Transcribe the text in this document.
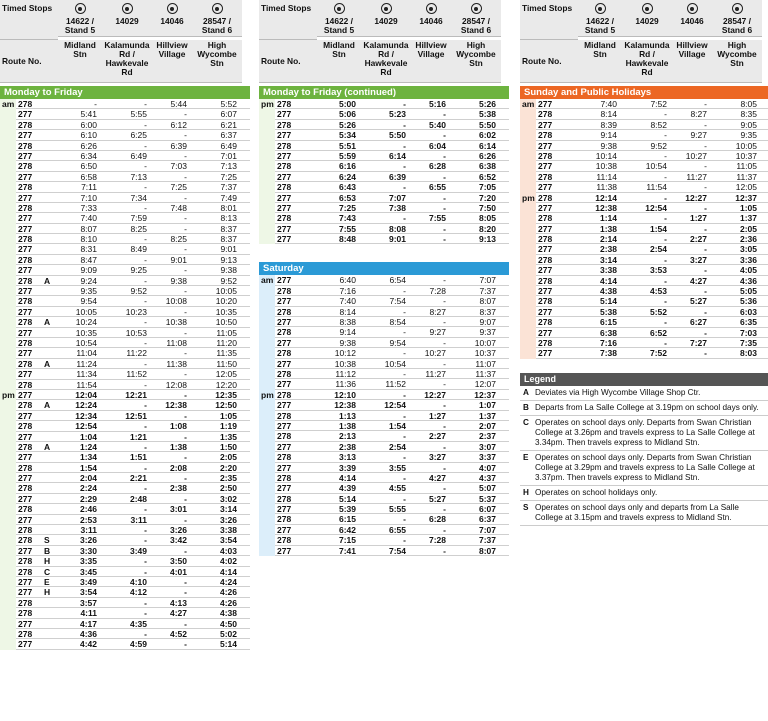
Timed Stops
14622 / Stand 5
14029	14046	28547 / Stand 6
Route No.
Midland Stn
Kalamunda Rd / Hawkevale Rd
Hillview Village
High Wycombe Stn
Monday to Friday
am 278	-	-	5:44	5:52
277	5:41	5:55	-	6:07
278	6:00	-	6:12	6:21
277	6:10	6:25	-	6:37
278	6:26	-	6:39	6:49
277	6:34	6:49	-	7:01
278	6:50	-	7:03	7:13
277	6:58	7:13	-	7:25
278	7:11	-	7:25	7:37
277	7:10	7:34	-	7:49
278	7:33	-	7:48	8:01
277	7:40	7:59	-	8:13
277	8:07	8:25	-	8:37
278	8:10	-	8:25	8:37
277	8:31	8:49	-	9:01
278	8:47	-	9:01	9:13
277	9:09	9:25	-	9:38
278	A	9:24	-	9:38	9:52
277	9:35	9:52	-	10:05
278	9:54	-	10:08	10:20
277	10:05	10:23	-	10:35
278	A	10:24	-	10:38	10:50
277	10:35	10:53	-	11:05
278	10:54	-	11:08	11:20
277	11:04	11:22	-	11:35
278	A	11:24	-	11:38	11:50
277	11:34	11:52	-	12:05
278	11:54	-	12:08	12:20
pm 277	12:04	12:21	-	12:35
278	A	12:24	-	12:38	12:50
277	12:34	12:51	-	1:05
278	12:54	-	1:08	1:19
277	1:04	1:21	-	1:35
278	A	1:24	-	1:38	1:50
277	1:34	1:51	-	2:05
278	1:54	-	2:08	2:20
277	2:04	2:21	-	2:35
278	2:24	-	2:38	2:50
277	2:29	2:48	-	3:02
278	2:46	-	3:01	3:14
277	2:53	3:11	-	3:26
278	3:11	-	3:26	3:38
278	S	3:26	-	3:42	3:54
277	B	3:30	3:49	-	4:03
278	H	3:35	-	3:50	4:02
278	C	3:45	-	4:01	4:14
277	E	3:49	4:10	-	4:24
277	H	3:54	4:12	-	4:26
278	3:57	-	4:13	4:26
278	4:11	-	4:27	4:38
277	4:17	4:35	-	4:50
278	4:36	-	4:52	5:02
277	4:42	4:59	-	5:14
Timed Stops
14622 / Stand 5
14029	14046	28547 / Stand 6
Route No.
Midland Stn
Kalamunda Rd / Hawkevale Rd
Hillview Village
High Wycombe Stn
Monday to Friday (continued)
pm 278	5:00	-	5:16	5:26
277	5:06	5:23	-	5:38
278	5:26	-	5:40	5:50
277	5:34	5:50	-	6:02
278	5:51	-	6:04	6:14
277	5:59	6:14	-	6:26
278	6:16	-	6:28	6:38
277	6:24	6:39	-	6:52
278	6:43	-	6:55	7:05
277	6:53	7:07	-	7:20
277	7:25	7:38	-	7:50
278	7:43	-	7:55	8:05
277	7:55	8:08	-	8:20
277	8:48	9:01	-	9:13
Saturday
am 277	6:40	6:54	-	7:07
278	7:16	-	7:28	7:37
277	7:40	7:54	-	8:07
278	8:14	-	8:27	8:37
277	8:38	8:54	-	9:07
278	9:14	-	9:27	9:37
277	9:38	9:54	-	10:07
278	10:12	-	10:27	10:37
277	10:38	10:54	-	11:07
278	11:12	-	11:27	11:37
277	11:36	11:52	-	12:07
pm 278	12:10	-	12:27	12:37
277	12:38	12:54	-	1:07
278	1:13	-	1:27	1:37
277	1:38	1:54	-	2:07
278	2:13	-	2:27	2:37
277	2:38	2:54	-	3:07
278	3:13	-	3:27	3:37
277	3:39	3:55	-	4:07
278	4:14	-	4:27	4:37
277	4:39	4:55	-	5:07
278	5:14	-	5:27	5:37
277	5:39	5:55	-	6:07
278	6:15	-	6:28	6:37
277	6:42	6:55	-	7:07
278	7:15	-	7:28	7:37
277	7:41	7:54	-	8:07
Timed Stops
14622 / Stand 5
14029	14046	28547 / Stand 6
Route No.
Midland Stn
Kalamunda Rd / Hawkevale Rd
Hillview Village
High Wycombe Stn
Sunday and Public Holidays
am 277	7:40	7:52	-	8:05
278	8:14	-	8:27	8:35
277	8:39	8:52	-	9:05
278	9:14	-	9:27	9:35
277	9:38	9:52	-	10:05
278	10:14	-	10:27	10:37
277	10:38	10:54	-	11:05
278	11:14	-	11:27	11:37
277	11:38	11:54	-	12:05
pm 278	12:14	-	12:27	12:37
277	12:38	12:54	-	1:05
278	1:14	-	1:27	1:37
277	1:38	1:54	-	2:05
278	2:14	-	2:27	2:36
277	2:38	2:54	-	3:05
278	3:14	-	3:27	3:36
277	3:38	3:53	-	4:05
278	4:14	-	4:27	4:36
277	4:38	4:53	-	5:05
278	5:14	-	5:27	5:36
277	5:38	5:52	-	6:03
278	6:15	-	6:27	6:35
277	6:38	6:52	-	7:03
278	7:16	-	7:27	7:35
277	7:38	7:52	-	8:03
Legend
A Deviates via High Wycombe Village Shop Ctr.
B Departs from La Salle College at 3.19pm on school days only.
C Operates on school days only. Departs from Swan Christian College at 3.26pm and travels express to La Salle College at 3.34pm. Then travels express to Midland Stn.
E Operates on school days only. Departs from Swan Christian College at 3.29pm and travels express to La Salle College at 3.37pm. Then travels express to Midland Stn.
H Operates on school holidays only.
S Operates on school days only and departs from La Salle College at 3.15pm and travels express to Midland Stn.
